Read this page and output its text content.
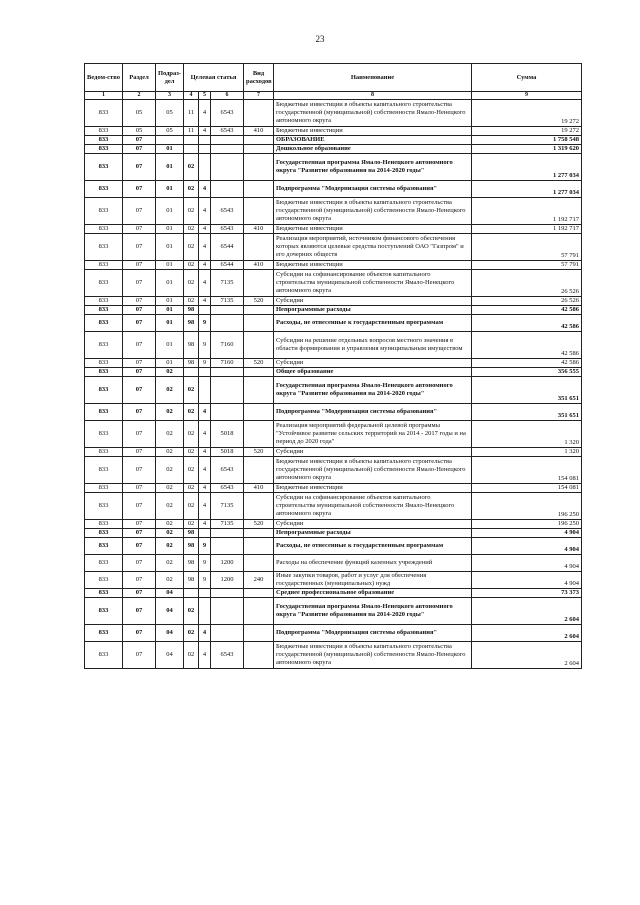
23
Ведом-ство	Раздел	Подраз-дел	Целевая статья			Вид расходов	Наименование	Сумма
1	2	3	4	5	6	7	8	9
833	05	05	11	4	6543		Бюджетные инвестиции в объекты капитального строительства государственной (муниципальной) собственности Ямало-Ненецкого автономного округа	19 272
833	05	05	11	4	6543	410	Бюджетные инвестиции	19 272
833	07						ОБРАЗОВАНИЕ	1 758 548
833	07	01					Дошкольное образование	1 319 620
833	07	01	02				Государственная программа Ямало-Ненецкого автономного округа "Развитие образования на 2014-2020 годы"	1 277 034
833	07	01	02	4			Подпрограмма "Модернизация системы образования"	1 277 034
833	07	01	02	4	6543		Бюджетные инвестиции в объекты капитального строительства государственной (муниципальной) собственности Ямало-Ненецкого автономного округа	1 192 717
833	07	01	02	4	6543	410	Бюджетные инвестиции	1 192 717
833	07	01	02	4	6544		Реализация мероприятий, источником финансового обеспечения которых являются целевые средства поступлений ОАО "Газпром" и его дочерних обществ	57 791
833	07	01	02	4	6544	410	Бюджетные инвестиции	57 791
833	07	01	02	4	7135		Субсидии на софинансирование объектов капитального строительства муниципальной собственности Ямало-Ненецкого автономного округа	26 526
833	07	01	02	4	7135	520	Субсидии	26 526
833	07	01	98				Непрограммные расходы	42 586
833	07	01	98	9			Расходы, не отнесенные к государственным программам	42 586
833	07	01	98	9	7160		Субсидии на решение отдельных вопросов местного значения в области формирования и управления муниципальным имуществом	42 586
833	07	01	98	9	7160	520	Субсидии	42 586
833	07	02					Общее образование	356 555
833	07	02	02				Государственная программа Ямало-Ненецкого автономного округа "Развитие образования на 2014-2020 годы"	351 651
833	07	02	02	4			Подпрограмма "Модернизация системы образования"	351 651
833	07	02	02	4	5018		Реализация мероприятий федеральной целевой программы "Устойчивое развитие сельских территорий на 2014 - 2017 годы и на период до 2020 года"	1 320
833	07	02	02	4	5018	520	Субсидии	1 320
833	07	02	02	4	6543		Бюджетные инвестиции в объекты капитального строительства государственной (муниципальной) собственности Ямало-Ненецкого автономного округа	154 081
833	07	02	02	4	6543	410	Бюджетные инвестиции	154 081
833	07	02	02	4	7135		Субсидии на софинансирование объектов капитального строительства муниципальной собственности Ямало-Ненецкого автономного округа	196 250
833	07	02	02	4	7135	520	Субсидии	196 250
833	07	02	98				Непрограммные расходы	4 904
833	07	02	98	9			Расходы, не отнесенные к государственным программам	4 904
833	07	02	98	9	1200		Расходы на обеспечение функций казенных учреждений	4 904
833	07	02	98	9	1200	240	Иные закупки товаров, работ и услуг для обеспечения государственных (муниципальных) нужд	4 904
833	07	04					Среднее профессиональное образование	73 373
833	07	04	02				Государственная программа Ямало-Ненецкого автономного округа "Развитие образования на 2014-2020 годы"	2 604
833	07	04	02	4			Подпрограмма "Модернизация системы образования"	2 604
833	07	04	02	4	6543		Бюджетные инвестиции в объекты капитального строительства государственной (муниципальной) собственности Ямало-Ненецкого автономного округа	2 604
